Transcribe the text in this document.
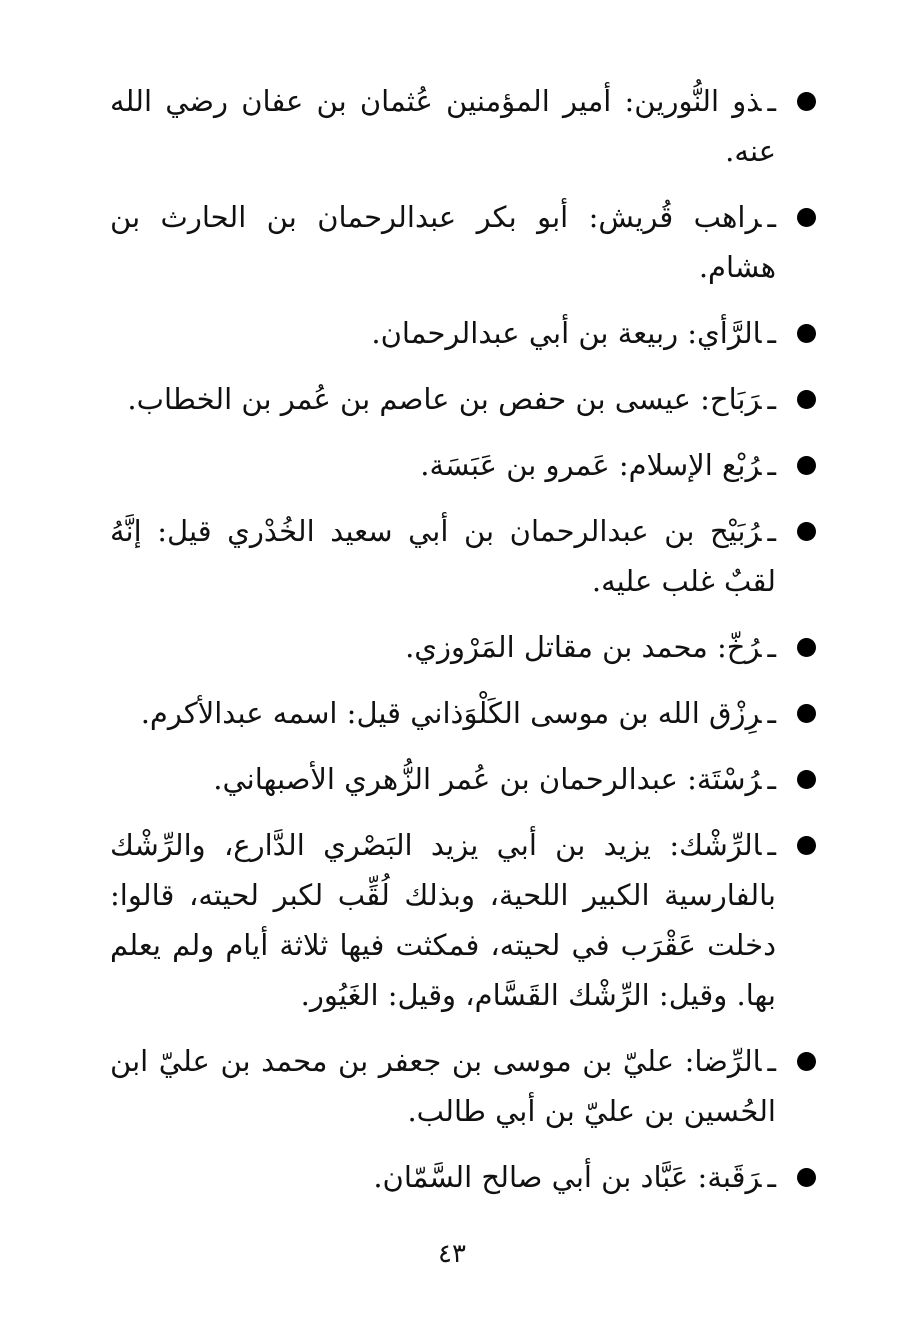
ـذو النُّورين: أمير المؤمنين عُثمان بن عفان رضي الله عنه.
ـراهب قُريش: أبو بكر عبدالرحمان بن الحارث بن هشام.
ـالرَّأي: ربيعة بن أبي عبدالرحمان.
ـرَبَاح: عيسى بن حفص بن عاصم بن عُمر بن الخطاب.
ـرُبْع الإسلام: عَمرو بن عَبَسَة.
ـرُبَيْح بن عبدالرحمان بن أبي سعيد الخُدْري قيل: إنَّهُ لقبٌ غلب عليه.
ـرُخّ: محمد بن مقاتل المَرْوزي.
ـرِزْق الله بن موسى الكَلْوَذاني قيل: اسمه عبدالأكرم.
ـرُسْتَة: عبدالرحمان بن عُمر الزُّهري الأصبهاني.
ـالرِّشْك: يزيد بن أبي يزيد البَصْري الدَّارع، والرِّشْك بالفارسية الكبير اللحية، وبذلك لُقِّب لكبر لحيته، قالوا: دخلت عَقْرَب في لحيته، فمكثت فيها ثلاثة أيام ولم يعلم بها. وقيل: الرِّشْك القَسَّام، وقيل: الغَيُور.
ـالرِّضا: عليّ بن موسى بن جعفر بن محمد بن عليّ ابن الحُسين بن عليّ بن أبي طالب.
ـرَقَبة: عَبَّاد بن أبي صالح السَّمّان.
٤٣
